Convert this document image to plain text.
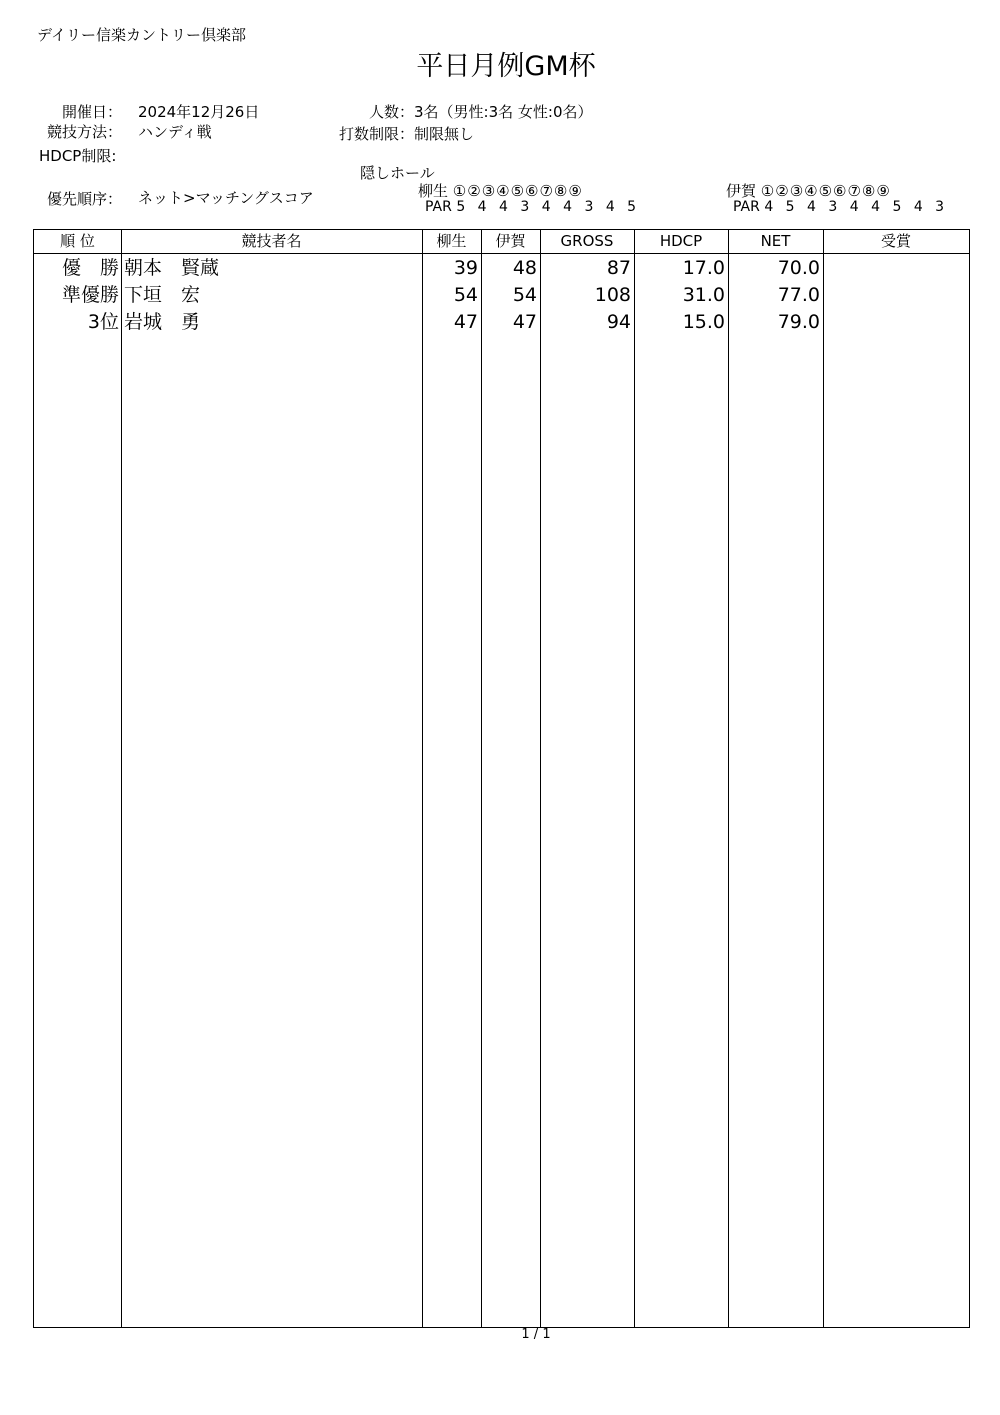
デイリー信楽カントリー倶楽部
平日月例GM杯
開催日： 2024年12月26日	人数： 3名（男性:3名 女性:0名）
競技方法： ハンディ戦	打数制限： 制限無し
HDCP制限:
隠しホール
優先順序： ネット>マッチングスコア	柳生 ①②③④⑤⑥⑦⑧⑨
PAR 5 4 4 3 4 4 3 4 5
伊賀 ①②③④⑤⑥⑦⑧⑨
PAR 4 5 4 3 4 4 5 4 3
順 位	競技者名	柳生	伊賀	GROSS	HDCP	NET	受賞
優　勝 朝本　賢蔵	39	48	87	17.0	70.0
準優勝 下垣　宏	54	54	108	31.0	77.0
3位 岩城　勇	47	47	94	15.0	79.0
1 / 1
